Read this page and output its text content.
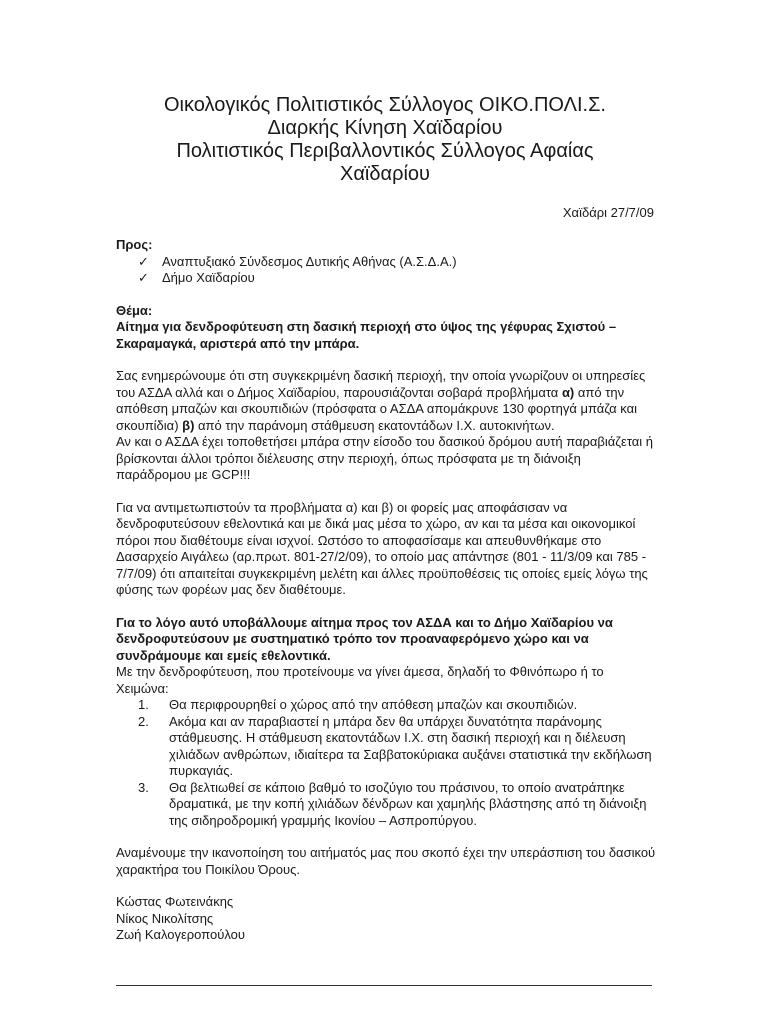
Οικολογικός Πολιτιστικός Σύλλογος ΟΙΚΟ.ΠΟΛΙ.Σ.
Διαρκής Κίνηση Χαϊδαρίου
Πολιτιστικός Περιβαλλοντικός Σύλλογος Αφαίας
Χαϊδαρίου
Χαϊδάρι 27/7/09

Προς:

✓ Αναπτυξιακό Σύνδεσμος Δυτικής Αθήνας (Α.Σ.Δ.Α.)
✓ Δήμο Χαϊδαρίου

Θέμα:

Αίτημα για δενδροφύτευση στη δασική περιοχή στο ύψος της γέφυρας Σχιστού –Σκαραμαγκά, αριστερά από την μπάρα.

Σας ενημερώνουμε ότι στη συγκεκριμένη δασική περιοχή, την οποία γνωρίζουν οι υπηρεσίες του ΑΣΔΑ αλλά και ο Δήμος Χαϊδαρίου, παρουσιάζονται σοβαρά προβλήματα α) από την απόθεση μπαζών και σκουπιδιών (πρόσφατα ο ΑΣΔΑ απομάκρυνε 130 φορτηγά μπάζα και σκουπίδια) β) από την παράνομη στάθμευση εκατοντάδων Ι.Χ. αυτοκινήτων.

Αν και ο ΑΣΔΑ έχει τοποθετήσει μπάρα στην είσοδο του δασικού δρόμου αυτή παραβιάζεται ή βρίσκονται άλλοι τρόποι διέλευσης στην περιοχή, όπως πρόσφατα με τη διάνοιξη παράδρομου με GCP!!!

Για να αντιμετωπιστούν τα προβλήματα α) και β) οι φορείς μας αποφάσισαν να δενδροφυτεύσουν εθελοντικά και με δικά μας μέσα το χώρο, αν και τα μέσα και οικονομικοί πόροι που διαθέτουμε είναι ισχνοί. Ωστόσο το αποφασίσαμε και απευθυνθήκαμε στο Δασαρχείο Αιγάλεω (αρ.πρωτ. 801-27/2/09), το οποίο μας απάντησε (801 - 11/3/09 και 785 - 7/7/09) ότι απαιτείται συγκεκριμένη μελέτη και άλλες προϋποθέσεις τις οποίες εμείς λόγω της φύσης των φορέων μας δεν διαθέτουμε.

Για το λόγο αυτό υποβάλλουμε αίτημα προς τον ΑΣΔΑ και το Δήμο Χαϊδαρίου να δενδροφυτεύσουν με συστηματικό τρόπο τον προαναφερόμενο χώρο και να συνδράμουμε και εμείς εθελοντικά.

Με την δενδροφύτευση, που προτείνουμε να γίνει άμεσα, δηλαδή το Φθινόπωρο ή το Χειμώνα:

1. Θα περιφρουρηθεί ο χώρος από την απόθεση μπαζών και σκουπιδιών.
2. Ακόμα και αν παραβιαστεί η μπάρα δεν θα υπάρχει δυνατότητα παράνομης στάθμευσης. Η στάθμευση εκατοντάδων Ι.Χ. στη δασική περιοχή και η διέλευση χιλιάδων ανθρώπων, ιδιαίτερα τα Σαββατοκύριακα αυξάνει στατιστικά την εκδήλωση πυρκαγιάς.
3. Θα βελτιωθεί σε κάποιο βαθμό το ισοζύγιο του πράσινου, το οποίο ανατράπηκε δραματικά, με την κοπή χιλιάδων δένδρων και χαμηλής βλάστησης από τη διάνοιξη της σιδηροδρομική γραμμής Ικονίου – Ασπροπύργου.

Αναμένουμε την ικανοποίηση του αιτήματός μας που σκοπό έχει την υπεράσπιση του δασικού χαρακτήρα του Ποικίλου Όρους.

Κώστας Φωτεινάκης

Νίκος Νικολίτσης

Ζωή Καλογεροπούλου
